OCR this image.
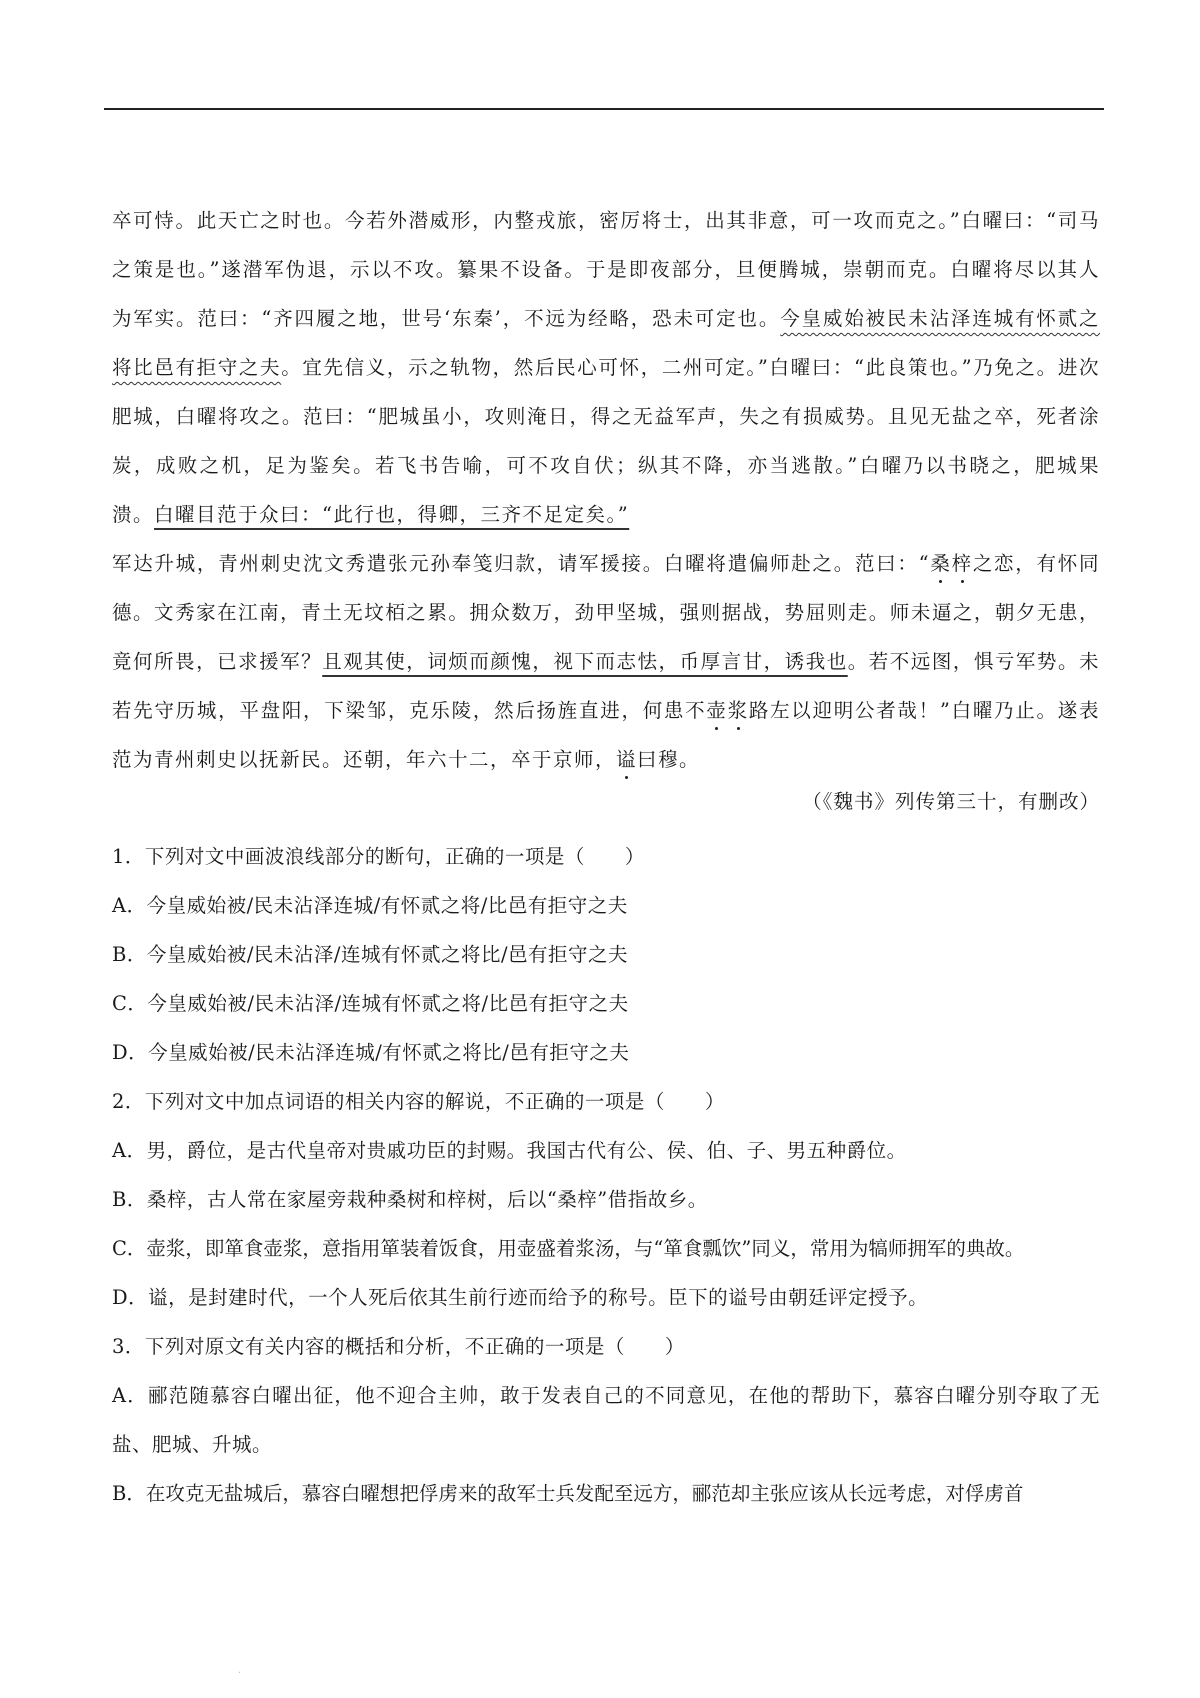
卒可恃。此天亡之时也。今若外潜威形，内整戎旅，密厉将士，出其非意，可一攻而克之。”白曜曰：“司马之策是也。”遂潜军伪退，示以不攻。纂果不设备。于是即夜部分，旦便腾城，崇朝而克。白曜将尽以其人为军实。范曰：“齐四履之地，世号‘东秦’，不远为经略，恐未可定也。今皇威始被民未沾泽连城有怀贰之将比邑有拒守之夫。宜先信义，示之轨物，然后民心可怀，二州可定。”白曜曰：“此良策也。”乃免之。进次肥城，白曜将攻之。范曰：“肥城虽小，攻则淹日，得之无益军声，失之有损威势。且见无盐之卒，死者涂炭，成败之机，足为鉴矣。若飞书告喻，可不攻自伏；纵其不降，亦当逃散。”白曜乃以书晓之，肥城果溃。白曜目范于众曰：“此行也，得卿，三齐不足定矣。”

军达升城，青州刺史沈文秀遣张元孙奉笺归款，请军援接。白曜将遣偏师赴之。范曰：“桑梓之恋，有怀同德。文秀家在江南，青土无坟栢之累。拥众数万，劲甲坚城，强则据战，势屈则走。师未逼之，朝夕无患，竟何所畏，已求援军？且观其使，词烦而颜愧，视下而志怯，币厚言甘，诱我也。若不远图，惧亏军势。未若先守历城，平盘阳，下梁邹，克乐陵，然后扬旌直进，何患不壶浆路左以迎明公者哉！”白曜乃止。遂表范为青州刺史以抚新民。还朝，年六十二，卒于京师，谥曰穆。

（《魏书》列传第三十，有删改）
1．下列对文中画波浪线部分的断句，正确的一项是（　　）
A．今皇威始被/民未沾泽连城/有怀贰之将/比邑有拒守之夫
B．今皇威始被/民未沾泽/连城有怀贰之将比/邑有拒守之夫
C．今皇威始被/民未沾泽/连城有怀贰之将/比邑有拒守之夫
D．今皇威始被/民未沾泽连城/有怀贰之将比/邑有拒守之夫
2．下列对文中加点词语的相关内容的解说，不正确的一项是（　　）
A．男，爵位，是古代皇帝对贵戚功臣的封赐。我国古代有公、侯、伯、子、男五种爵位。
B．桑梓，古人常在家屋旁栽种桑树和梓树，后以“桑梓”借指故乡。
C．壶浆，即箪食壶浆，意指用箪装着饭食，用壶盛着浆汤，与“箪食瓢饮”同义，常用为犒师拥军的典故。
D．谥，是封建时代，一个人死后依其生前行迹而给予的称号。臣下的谥号由朝廷评定授予。
3．下列对原文有关内容的概括和分析，不正确的一项是（　　）
A．郦范随慕容白曜出征，他不迎合主帅，敢于发表自己的不同意见，在他的帮助下，慕容白曜分别夺取了无盐、肥城、升城。
B．在攻克无盐城后，慕容白曜想把俘虏来的敌军士兵发配至远方，郦范却主张应该从长远考虑，对俘虏首
·
